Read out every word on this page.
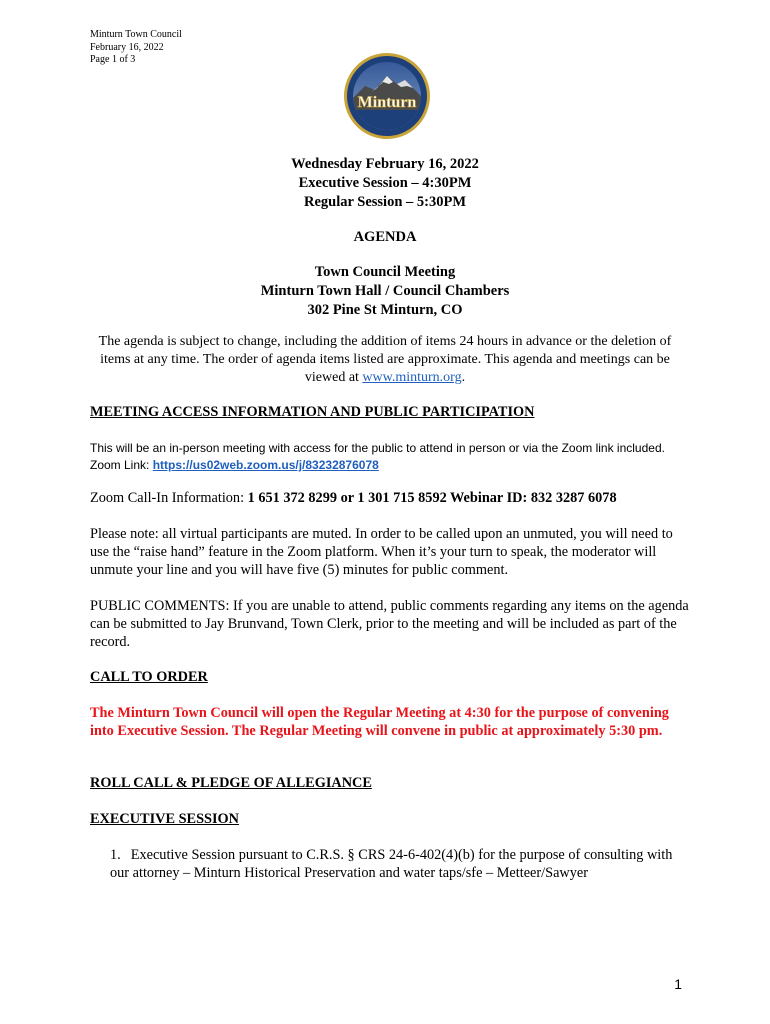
Minturn Town Council
February 16, 2022
Page 1 of 3
Minturn
Wednesday February 16, 2022
Executive Session – 4:30PM
Regular Session – 5:30PM
AGENDA
Town Council Meeting
Minturn Town Hall / Council Chambers
302 Pine St Minturn, CO
The agenda is subject to change, including the addition of items 24 hours in advance or the deletion of items at any time. The order of agenda items listed are approximate. This agenda and meetings can be viewed at www.minturn.org.
MEETING ACCESS INFORMATION AND PUBLIC PARTICIPATION
This will be an in-person meeting with access for the public to attend in person or via the Zoom link included. Zoom Link: https://us02web.zoom.us/j/83232876078
Zoom Call-In Information: 1 651 372 8299 or 1 301 715 8592 Webinar ID: 832 3287 6078
Please note: all virtual participants are muted. In order to be called upon an unmuted, you will need to use the “raise hand” feature in the Zoom platform. When it’s your turn to speak, the moderator will unmute your line and you will have five (5) minutes for public comment.
PUBLIC COMMENTS: If you are unable to attend, public comments regarding any items on the agenda can be submitted to Jay Brunvand, Town Clerk, prior to the meeting and will be included as part of the record.
CALL TO ORDER
The Minturn Town Council will open the Regular Meeting at 4:30 for the purpose of convening into Executive Session. The Regular Meeting will convene in public at approximately 5:30 pm.
ROLL CALL & PLEDGE OF ALLEGIANCE
EXECUTIVE SESSION
1. Executive Session pursuant to C.R.S. § CRS 24-6-402(4)(b) for the purpose of consulting with our attorney – Minturn Historical Preservation and water taps/sfe – Metteer/Sawyer
1
